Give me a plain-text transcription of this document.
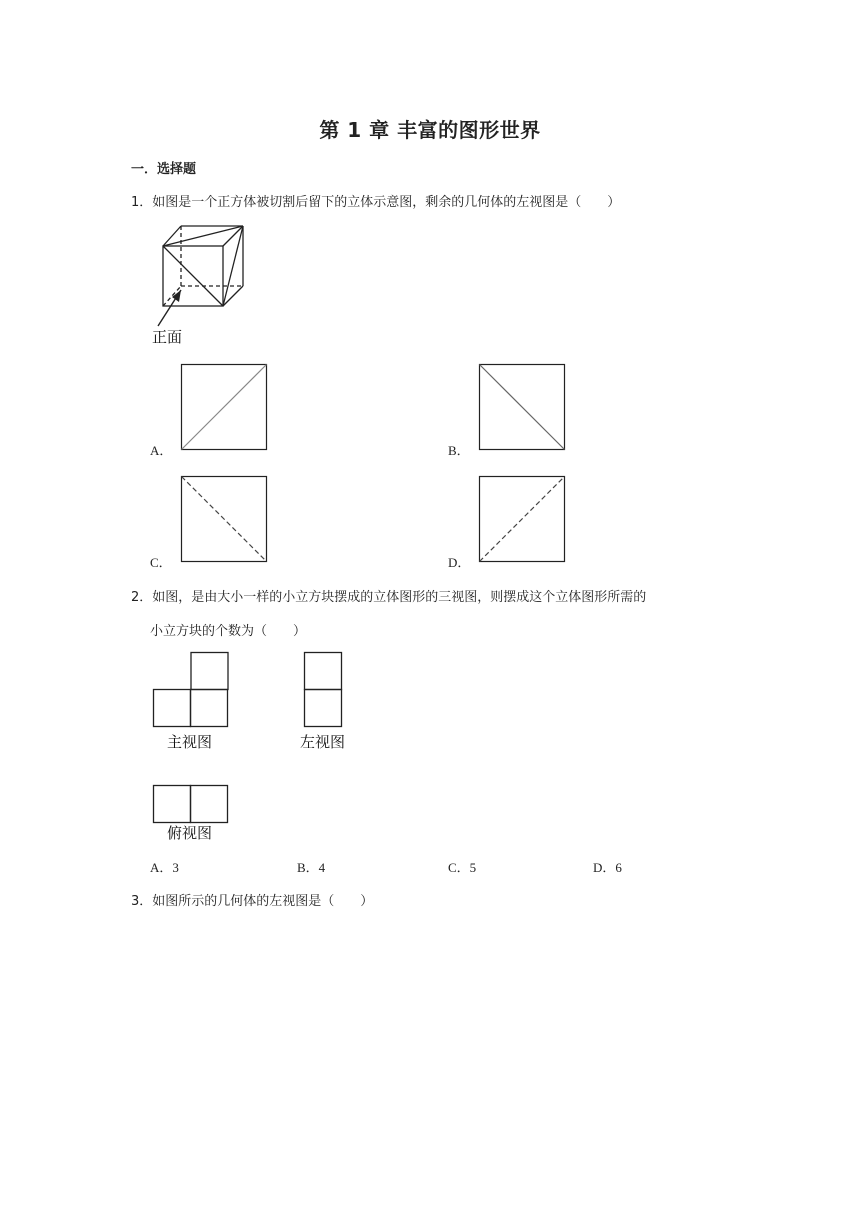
第 1 章 丰富的图形世界
一．选择题
1．如图是一个正方体被切割后留下的立体示意图，剩余的几何体的左视图是（　　）
正面
A．	B．
C．	D．
2．如图，是由大小一样的小立方块摆成的立体图形的三视图，则摆成这个立体图形所需的
小立方块的个数为（　　）
主视图	左视图
俯视图
A．3	B．4	C．5	D．6
3．如图所示的几何体的左视图是（　　）
